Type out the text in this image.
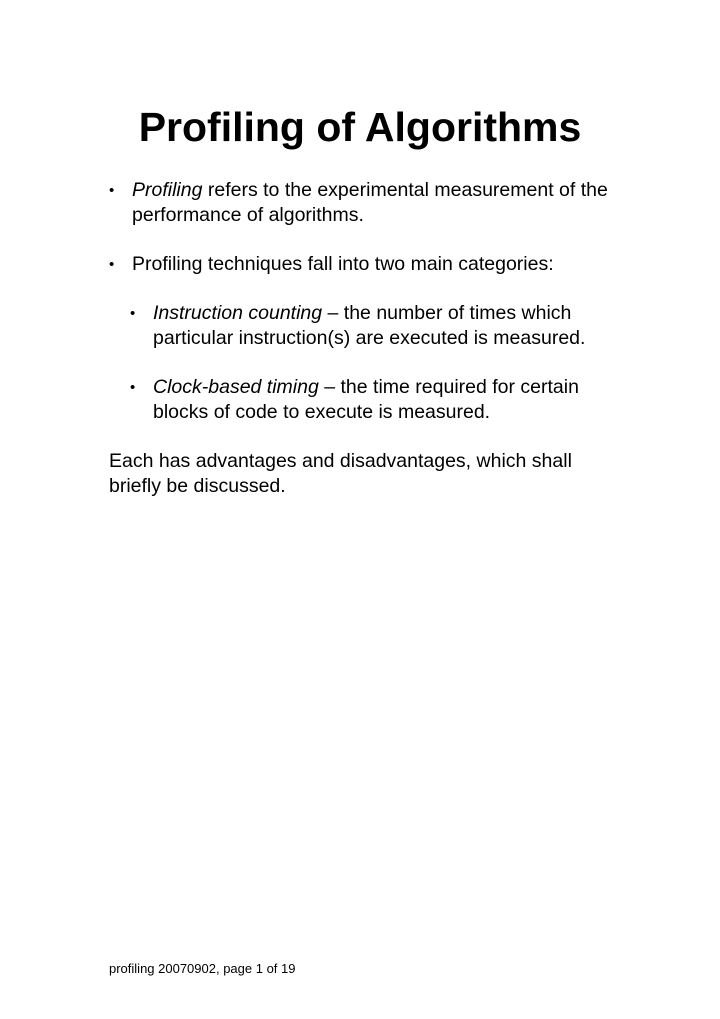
Profiling of Algorithms
• Profiling refers to the experimental measurement of the performance of algorithms.
• Profiling techniques fall into two main categories:
• Instruction counting – the number of times which particular instruction(s) are executed is measured.
• Clock-based timing – the time required for certain blocks of code to execute is measured.

Each has advantages and disadvantages, which shall briefly be discussed.

profiling 20070902, page 1 of 19
